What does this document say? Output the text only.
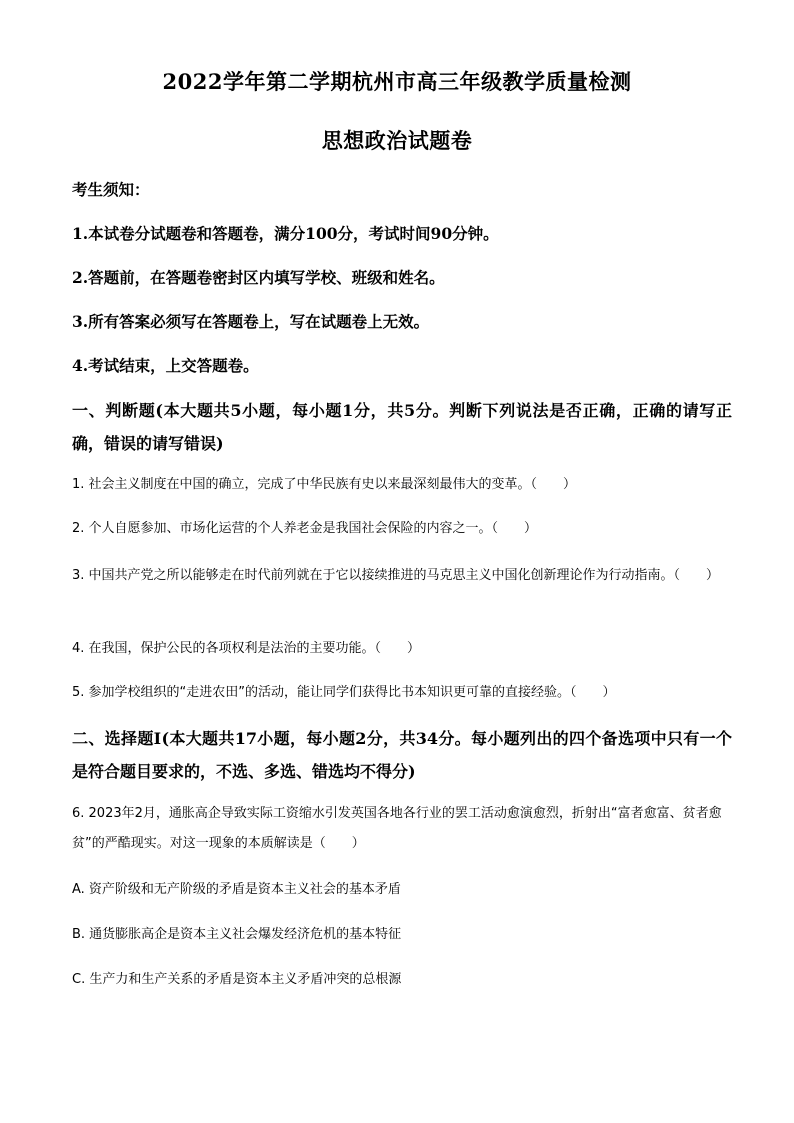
2022学年第二学期杭州市高三年级教学质量检测
思想政治试题卷
考生须知：
1.本试卷分试题卷和答题卷，满分100分，考试时间90分钟。
2.答题前，在答题卷密封区内填写学校、班级和姓名。
3.所有答案必须写在答题卷上，写在试题卷上无效。
4.考试结束，上交答题卷。
一、判断题(本大题共5小题，每小题1分，共5分。判断下列说法是否正确，正确的请写正确，错误的请写错误)
1. 社会主义制度在中国的确立，完成了中华民族有史以来最深刻最伟大的变革。（　　）
2. 个人自愿参加、市场化运营的个人养老金是我国社会保险的内容之一。（　　）
3. 中国共产党之所以能够走在时代前列就在于它以接续推进的马克思主义中国化创新理论作为行动指南。（　　）
4. 在我国，保护公民的各项权利是法治的主要功能。（　　）
5. 参加学校组织的“走进农田”的活动，能让同学们获得比书本知识更可靠的直接经验。（　　）
二、选择题Ⅰ(本大题共17小题，每小题2分，共34分。每小题列出的四个备选项中只有一个是符合题目要求的，不选、多选、错选均不得分)
6. 2023年2月，通胀高企导致实际工资缩水引发英国各地各行业的罢工活动愈演愈烈，折射出“富者愈富、贫者愈贫”的严酷现实。对这一现象的本质解读是（　　）
A. 资产阶级和无产阶级的矛盾是资本主义社会的基本矛盾
B. 通货膨胀高企是资本主义社会爆发经济危机的基本特征
C. 生产力和生产关系的矛盾是资本主义矛盾冲突的总根源
